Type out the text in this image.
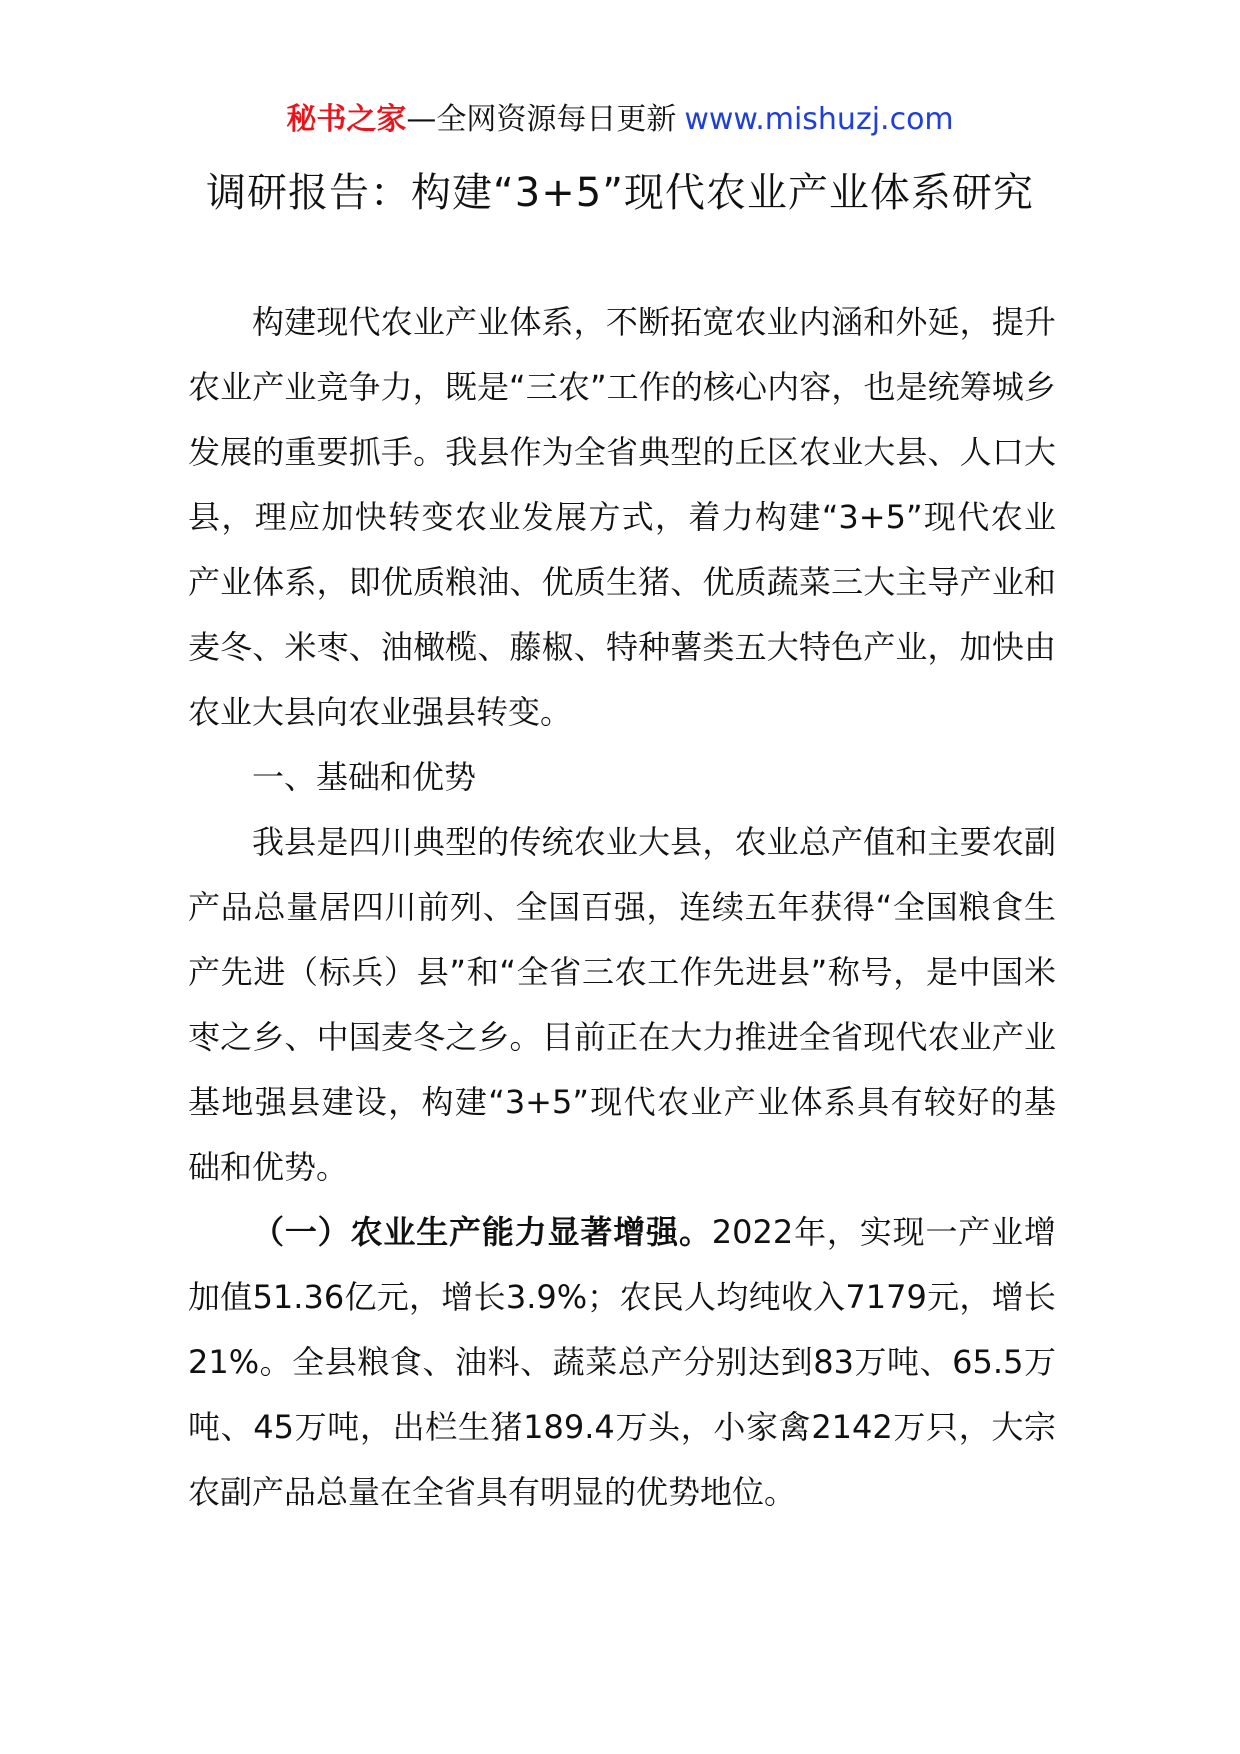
秘书之家—全网资源每日更新 www.mishuzj.com
调研报告：构建“3+5”现代农业产业体系研究

构建现代农业产业体系，不断拓宽农业内涵和外延，提升农业产业竞争力，既是“三农”工作的核心内容，也是统筹城乡发展的重要抓手。我县作为全省典型的丘区农业大县、人口大县，理应加快转变农业发展方式，着力构建“3+5”现代农业产业体系，即优质粮油、优质生猪、优质蔬菜三大主导产业和麦冬、米枣、油橄榄、藤椒、特种薯类五大特色产业，加快由农业大县向农业强县转变。

一、基础和优势

我县是四川典型的传统农业大县，农业总产值和主要农副产品总量居四川前列、全国百强，连续五年获得“全国粮食生产先进（标兵）县”和“全省三农工作先进县”称号，是中国米枣之乡、中国麦冬之乡。目前正在大力推进全省现代农业产业基地强县建设，构建“3+5”现代农业产业体系具有较好的基础和优势。

（一）农业生产能力显著增强。2022年，实现一产业增加值51.36亿元，增长3.9%；农民人均纯收入7179元，增长21%。全县粮食、油料、蔬菜总产分别达到83万吨、65.5万吨、45万吨，出栏生猪189.4万头，小家禽2142万只，大宗农副产品总量在全省具有明显的优势地位。
